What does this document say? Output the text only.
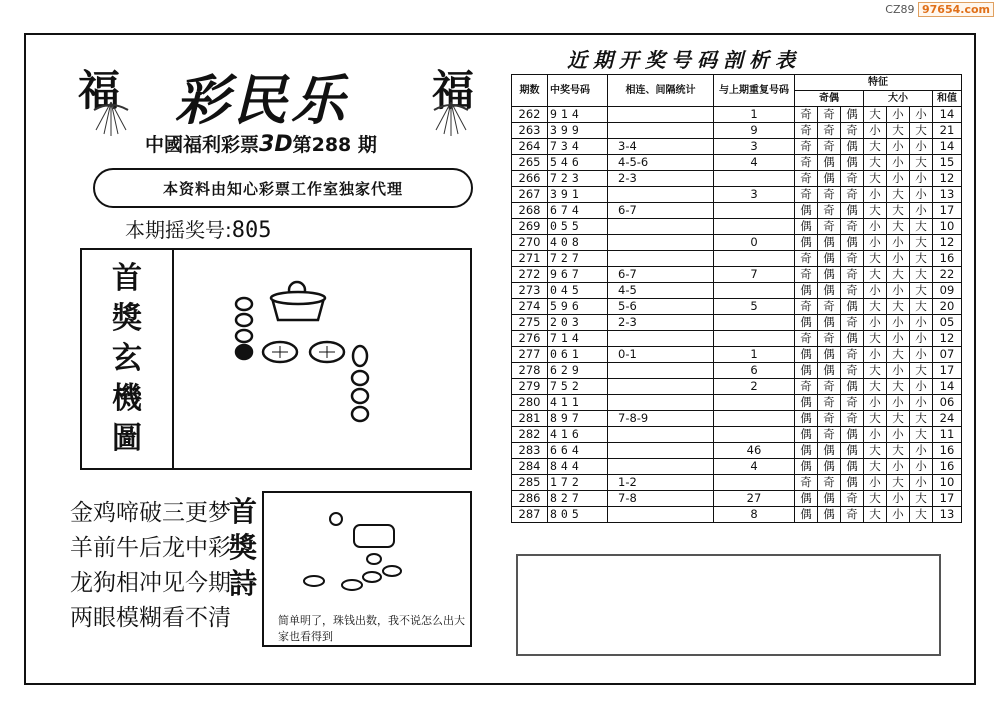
CZ89 97654.com
福	福
彩民乐
中國福利彩票3D第288 期
本资料由知心彩票工作室独家代理
本期摇奖号:805
首
獎
玄
機
圖
金鸡啼破三更梦
羊前牛后龙中彩
龙狗相冲见今期
两眼模糊看不清
首
獎
詩
简单明了，珠钱出数，我不说怎么出大家也看得到
近期开奖号码剖析表
期数	中奖号码	相连、间隔统计	与上期重复号码	特征						
				奇偶			大小			和值

262	914		1	奇	奇	偶	大	小	小	14
263	399		9	奇	奇	奇	小	大	大	21
264	734	3-4	3	奇	奇	偶	大	小	小	14
265	546	4-5-6	4	奇	偶	偶	大	小	大	15
266	723	2-3		奇	偶	奇	大	小	小	12
267	391		3	奇	奇	奇	小	大	小	13
268	674	6-7		偶	奇	偶	大	大	小	17
269	055			偶	奇	奇	小	大	大	10
270	408		0	偶	偶	偶	小	小	大	12
271	727			奇	偶	奇	大	小	大	16
272	967	6-7	7	奇	偶	奇	大	大	大	22
273	045	4-5		偶	偶	奇	小	小	大	09
274	596	5-6	5	奇	奇	偶	大	大	大	20
275	203	2-3		偶	偶	奇	小	小	小	05
276	714			奇	奇	偶	大	小	小	12
277	061	0-1	1	偶	偶	奇	小	大	小	07
278	629		6	偶	偶	奇	大	小	大	17
279	752		2	奇	奇	偶	大	大	小	14
280	411			偶	奇	奇	小	小	小	06
281	897	7-8-9		偶	奇	奇	大	大	大	24
282	416			偶	奇	偶	小	小	大	11
283	664		46	偶	偶	偶	大	大	小	16
284	844		4	偶	偶	偶	大	小	小	16
285	172	1-2		奇	奇	偶	小	大	小	10
286	827	7-8	27	偶	偶	奇	大	小	大	17
287	805		8	偶	偶	奇	大	小	大	13
